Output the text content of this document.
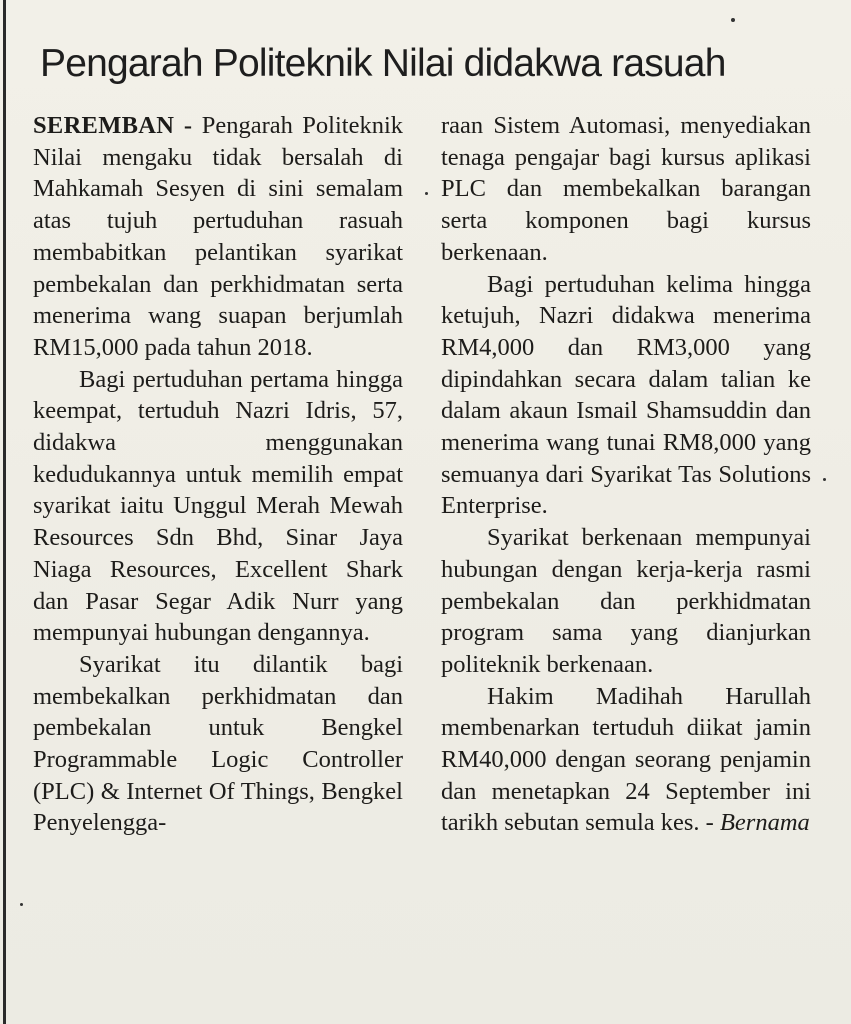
Pengarah Politeknik Nilai didakwa rasuah

SEREMBAN - Pengarah Politeknik Nilai mengaku tidak bersalah di Mahkamah Sesyen di sini semalam atas tujuh pertuduhan rasuah membabitkan pelantikan syarikat pembekalan dan perkhidmatan serta menerima wang suapan berjumlah RM15,000 pada tahun 2018.

Bagi pertuduhan pertama hingga keempat, tertuduh Nazri Idris, 57, didakwa menggunakan kedudukannya untuk memilih empat syarikat iaitu Unggul Merah Mewah Resources Sdn Bhd, Sinar Jaya Niaga Resources, Excellent Shark dan Pasar Segar Adik Nurr yang mempunyai hubungan dengannya.

Syarikat itu dilantik bagi membekalkan perkhidmatan dan pembekalan untuk Bengkel Programmable Logic Controller (PLC) & Internet Of Things, Bengkel Penyelengga-

raan Sistem Automasi, menyediakan tenaga pengajar bagi kursus aplikasi PLC dan membekalkan barangan serta komponen bagi kursus berkenaan.

Bagi pertuduhan kelima hingga ketujuh, Nazri didakwa menerima RM4,000 dan RM3,000 yang dipindahkan secara dalam talian ke dalam akaun Ismail Shamsuddin dan menerima wang tunai RM8,000 yang semuanya dari Syarikat Tas Solutions Enterprise.

Syarikat berkenaan mempunyai hubungan dengan kerja-kerja rasmi pembekalan dan perkhidmatan program sama yang dianjurkan politeknik berkenaan.

Hakim Madihah Harullah membenarkan tertuduh diikat jamin RM40,000 dengan seorang penjamin dan menetapkan 24 September ini tarikh sebutan semula kes. - Bernama
